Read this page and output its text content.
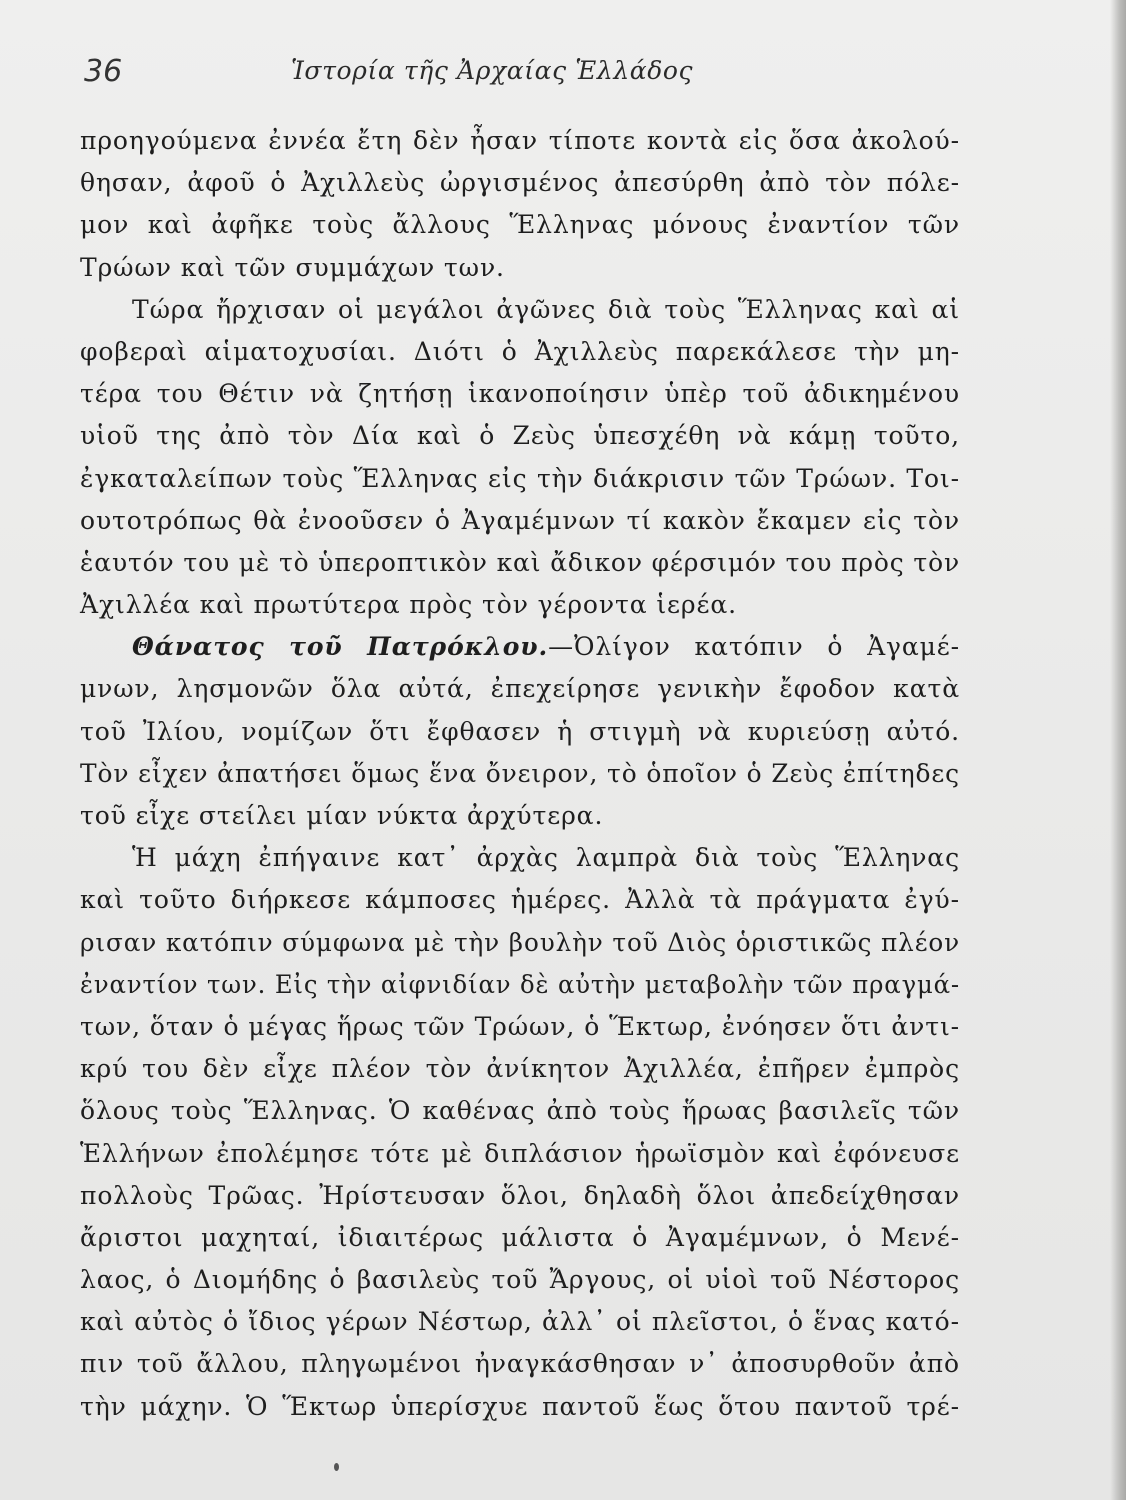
36	Ἱστορία τῆς Ἀρχαίας Ἑλλάδος
προηγούμενα ἐννέα ἔτη δὲν ἦσαν τίποτε κοντὰ εἰς ὅσα ἀκολού-
θησαν, ἀφοῦ ὁ Ἀχιλλεὺς ὠργισμένος ἀπεσύρθη ἀπὸ τὸν πόλε-
μον καὶ ἀφῆκε τοὺς ἄλλους Ἕλληνας μόνους ἐναντίον τῶν
Τρώων καὶ τῶν συμμάχων των.
Τώρα ἤρχισαν οἱ μεγάλοι ἀγῶνες διὰ τοὺς Ἕλληνας καὶ αἱ
φοβεραὶ αἱματοχυσίαι. Διότι ὁ Ἀχιλλεὺς παρεκάλεσε τὴν μη-
τέρα του Θέτιν νὰ ζητήσῃ ἱκανοποίησιν ὑπὲρ τοῦ ἀδικημένου
υἱοῦ της ἀπὸ τὸν Δία καὶ ὁ Ζεὺς ὑπεσχέθη νὰ κάμῃ τοῦτο,
ἐγκαταλείπων τοὺς Ἕλληνας εἰς τὴν διάκρισιν τῶν Τρώων. Τοι-
ουτοτρόπως θὰ ἐνοοῦσεν ὁ Ἀγαμέμνων τί κακὸν ἔκαμεν εἰς τὸν
ἑαυτόν του μὲ τὸ ὑπεροπτικὸν καὶ ἄδικον φέρσιμόν του πρὸς τὸν
Ἀχιλλέα καὶ πρωτύτερα πρὸς τὸν γέροντα ἱερέα.
Θάνατος τοῦ Πατρόκλου.—Ὀλίγον κατόπιν ὁ Ἀγαμέ-
μνων, λησμονῶν ὅλα αὐτά, ἐπεχείρησε γενικὴν ἔφοδον κατὰ
τοῦ Ἰλίου, νομίζων ὅτι ἔφθασεν ἡ στιγμὴ νὰ κυριεύσῃ αὐτό.
Τὸν εἶχεν ἀπατήσει ὅμως ἕνα ὄνειρον, τὸ ὁποῖον ὁ Ζεὺς ἐπίτηδες
τοῦ εἶχε στείλει μίαν νύκτα ἀρχύτερα.
Ἡ μάχη ἐπήγαινε κατ᾽ ἀρχὰς λαμπρὰ διὰ τοὺς Ἕλληνας
καὶ τοῦτο διήρκεσε κάμποσες ἡμέρες. Ἀλλὰ τὰ πράγματα ἐγύ-
ρισαν κατόπιν σύμφωνα μὲ τὴν βουλὴν τοῦ Διὸς ὁριστικῶς πλέον
ἐναντίον των. Εἰς τὴν αἰφνιδίαν δὲ αὐτὴν μεταβολὴν τῶν πραγμά-
των, ὅταν ὁ μέγας ἥρως τῶν Τρώων, ὁ Ἕκτωρ, ἐνόησεν ὅτι ἀντι-
κρύ του δὲν εἶχε πλέον τὸν ἀνίκητον Ἀχιλλέα, ἐπῆρεν ἐμπρὸς
ὅλους τοὺς Ἕλληνας. Ὁ καθένας ἀπὸ τοὺς ἥρωας βασιλεῖς τῶν
Ἑλλήνων ἐπολέμησε τότε μὲ διπλάσιον ἡρωϊσμὸν καὶ ἐφόνευσε
πολλοὺς Τρῶας. Ἠρίστευσαν ὅλοι, δηλαδὴ ὅλοι ἀπεδείχθησαν
ἄριστοι μαχηταί, ἰδιαιτέρως μάλιστα ὁ Ἀγαμέμνων, ὁ Μενέ-
λαος, ὁ Διομήδης ὁ βασιλεὺς τοῦ Ἄργους, οἱ υἱοὶ τοῦ Νέστορος
καὶ αὐτὸς ὁ ἴδιος γέρων Νέστωρ, ἀλλ᾽ οἱ πλεῖστοι, ὁ ἕνας κατό-
πιν τοῦ ἄλλου, πληγωμένοι ἠναγκάσθησαν ν᾽ ἀποσυρθοῦν ἀπὸ
τὴν μάχην. Ὁ Ἕκτωρ ὑπερίσχυε παντοῦ ἕως ὅτου παντοῦ τρέ-
